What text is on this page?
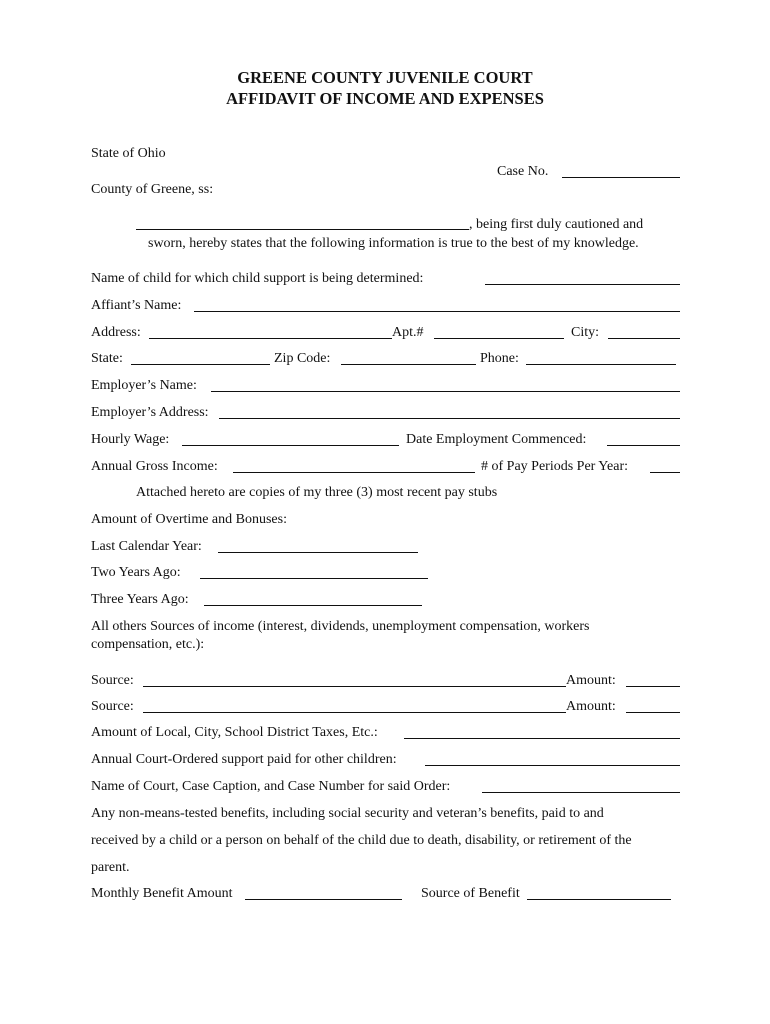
GREENE COUNTY JUVENILE COURT
AFFIDAVIT OF INCOME AND EXPENSES
State of Ohio
Case No.
County of Greene, ss:
, being first duly cautioned and
sworn, hereby states that the following information is true to the best of my knowledge.
Name of child for which child support is being determined:
Affiant’s Name:
Address:	Apt.#	City:
State:	Zip Code:	Phone:
Employer’s Name:
Employer’s Address:
Hourly Wage:	Date Employment Commenced:
Annual Gross Income:	# of Pay Periods Per Year:
Attached hereto are copies of my three (3) most recent pay stubs
Amount of Overtime and Bonuses:
Last Calendar Year:
Two Years Ago:
Three Years Ago:
All others Sources of income (interest, dividends, unemployment compensation, workers
compensation, etc.):
Source:	Amount:
Source:	Amount:
Amount of Local, City, School District Taxes, Etc.:
Annual Court-Ordered support paid for other children:
Name of Court, Case Caption, and Case Number for said Order:
Any non-means-tested benefits, including social security and veteran’s benefits, paid to and
received by a child or a person on behalf of the child due to death, disability, or retirement of the
parent.
Monthly Benefit Amount	Source of Benefit
